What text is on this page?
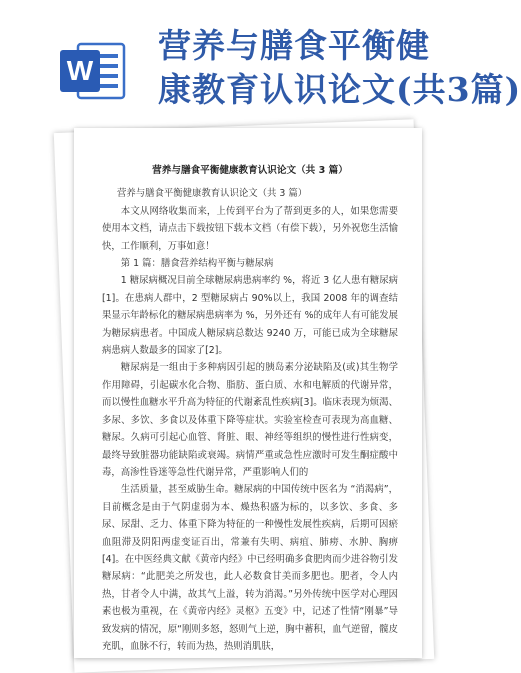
W
营养与膳食平衡健
康教育认识论文(共3篇)

营养与膳食平衡健康教育认识论文（共 3 篇）

营养与膳食平衡健康教育认识论文（共 3 篇）

本文从网络收集而来，上传到平台为了帮到更多的人，如果您需要使用本文档，请点击下载按钮下载本文档（有偿下载），另外祝您生活愉快，工作顺利，万事如意！

第 1 篇：膳食营养结构平衡与糖尿病

1 糖尿病概况目前全球糖尿病患病率约 %，将近 3 亿人患有糖尿病[1]。在患病人群中，2 型糖尿病占 90%以上，我国 2008 年的调查结果显示年龄标化的糖尿病患病率为 %，另外还有 %的成年人有可能发展为糖尿病患者。中国成人糖尿病总数达 9240 万，可能已成为全球糖尿病患病人数最多的国家了[2]。

糖尿病是一组由于多种病因引起的胰岛素分泌缺陷及(或)其生物学作用障碍，引起碳水化合物、脂肪、蛋白质、水和电解质的代谢异常，而以慢性血糖水平升高为特征的代谢紊乱性疾病[3]。临床表现为烦渴、多尿、多饮、多食以及体重下降等症状。实验室检查可表现为高血糖、糖尿。久病可引起心血管、肾脏、眼、神经等组织的慢性进行性病变，最终导致脏器功能缺陷或衰竭。病情严重或急性应激时可发生酮症酸中毒，高渗性昏迷等急性代谢异常，严重影响人们的

生活质量，甚至威胁生命。糖尿病的中国传统中医名为 “消渴病”，目前概念是由于气阴虚弱为本、燥热积盛为标的，以多饮、多食、多尿、尿甜、乏力、体重下降为特征的一种慢性发展性疾病，后期可因瘀血阻滞及阴阳两虚变证百出，常兼有失明、病疽、肺痨、水肿、胸痹[4]。在中医经典文献《黄帝内经》中已经明确多食肥肉而少进谷物引发糖尿病：“此肥美之所发也，此人必数食甘美而多肥也。肥者，令人内热，甘者令人中满，故其气上溢，转为消渴。”另外传统中医学对心理因素也极为重视，在《黄帝内经》灵枢》五变》中，记述了性情“刚暴”导致发病的情况，原“刚则多怒，怒则气上逆，胸中蓄积，血气逆留，髋皮充肌，血脉不行，转而为热，热则消肌肤，
